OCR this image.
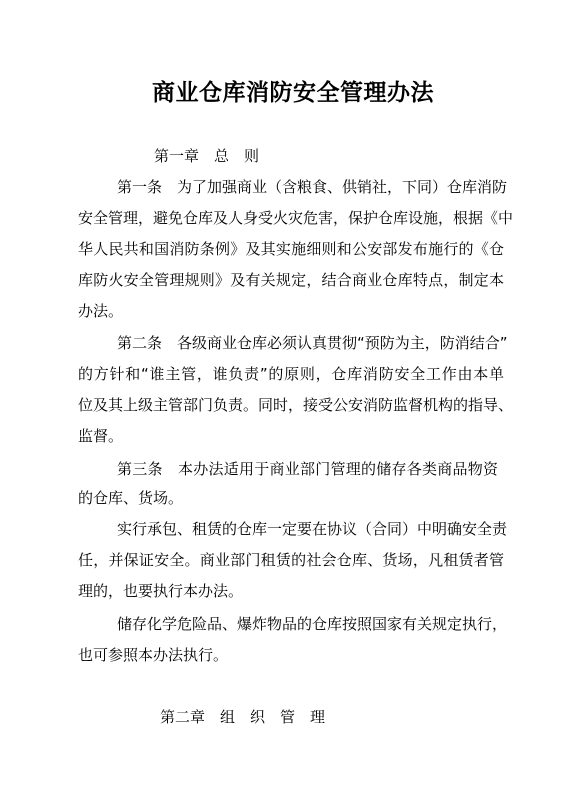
商业仓库消防安全管理办法
第一章　总　则
第一条　为了加强商业（含粮食、供销社，下同）仓库消防
安全管理，避免仓库及人身受火灾危害，保护仓库设施，根据《中
华人民共和国消防条例》及其实施细则和公安部发布施行的《仓
库防火安全管理规则》及有关规定，结合商业仓库特点，制定本
办法。
第二条　各级商业仓库必须认真贯彻“预防为主，防消结合”
的方针和“谁主管，谁负责”的原则，仓库消防安全工作由本单
位及其上级主管部门负责。同时，接受公安消防监督机构的指导、
监督。
第三条　本办法适用于商业部门管理的储存各类商品物资
的仓库、货场。
实行承包、租赁的仓库一定要在协议（合同）中明确安全责
任，并保证安全。商业部门租赁的社会仓库、货场，凡租赁者管
理的，也要执行本办法。
储存化学危险品、爆炸物品的仓库按照国家有关规定执行，
也可参照本办法执行。
第二章　组　织　管　理
